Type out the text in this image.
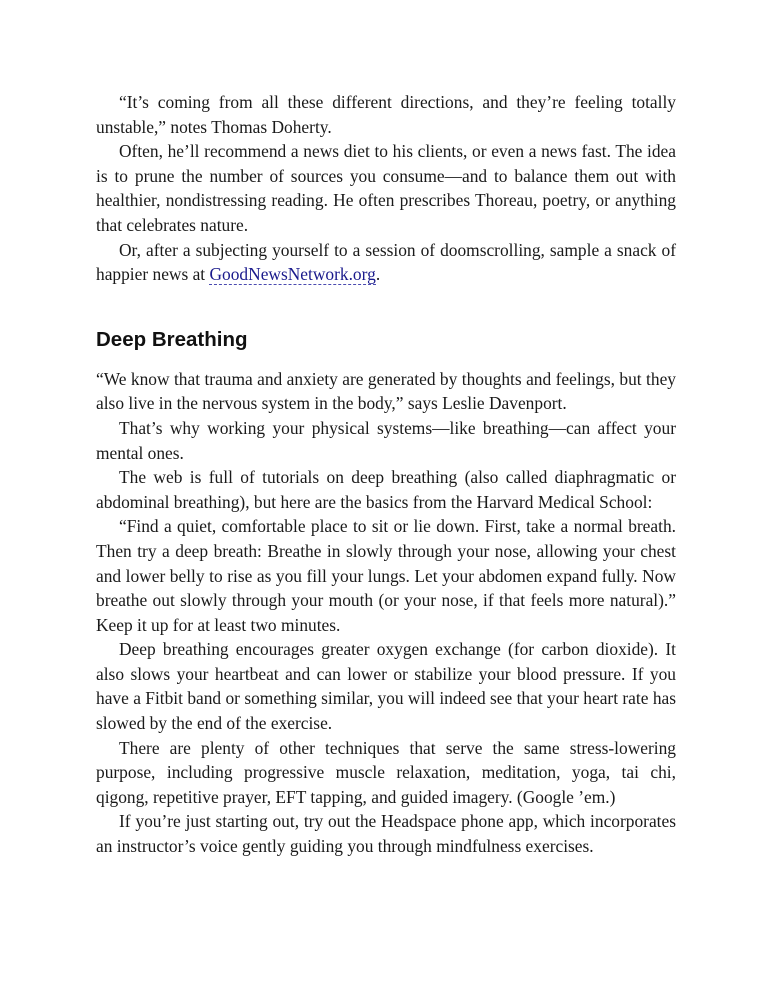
“It’s coming from all these different directions, and they’re feeling totally unstable,” notes Thomas Doherty.

Often, he’ll recommend a news diet to his clients, or even a news fast. The idea is to prune the number of sources you consume—and to balance them out with healthier, nondistressing reading. He often prescribes Thoreau, poetry, or anything that celebrates nature.

Or, after a subjecting yourself to a session of doomscrolling, sample a snack of happier news at GoodNewsNetwork.org.

Deep Breathing

“We know that trauma and anxiety are generated by thoughts and feelings, but they also live in the nervous system in the body,” says Leslie Davenport.

That’s why working your physical systems—like breathing—can affect your mental ones.

The web is full of tutorials on deep breathing (also called diaphragmatic or abdominal breathing), but here are the basics from the Harvard Medical School:

“Find a quiet, comfortable place to sit or lie down. First, take a normal breath. Then try a deep breath: Breathe in slowly through your nose, allowing your chest and lower belly to rise as you fill your lungs. Let your abdomen expand fully. Now breathe out slowly through your mouth (or your nose, if that feels more natural).” Keep it up for at least two minutes.

Deep breathing encourages greater oxygen exchange (for carbon dioxide). It also slows your heartbeat and can lower or stabilize your blood pressure. If you have a Fitbit band or something similar, you will indeed see that your heart rate has slowed by the end of the exercise.

There are plenty of other techniques that serve the same stress-lowering purpose, including progressive muscle relaxation, meditation, yoga, tai chi, qigong, repetitive prayer, EFT tapping, and guided imagery. (Google ’em.)

If you’re just starting out, try out the Headspace phone app, which incorporates an instructor’s voice gently guiding you through mindfulness exercises.
